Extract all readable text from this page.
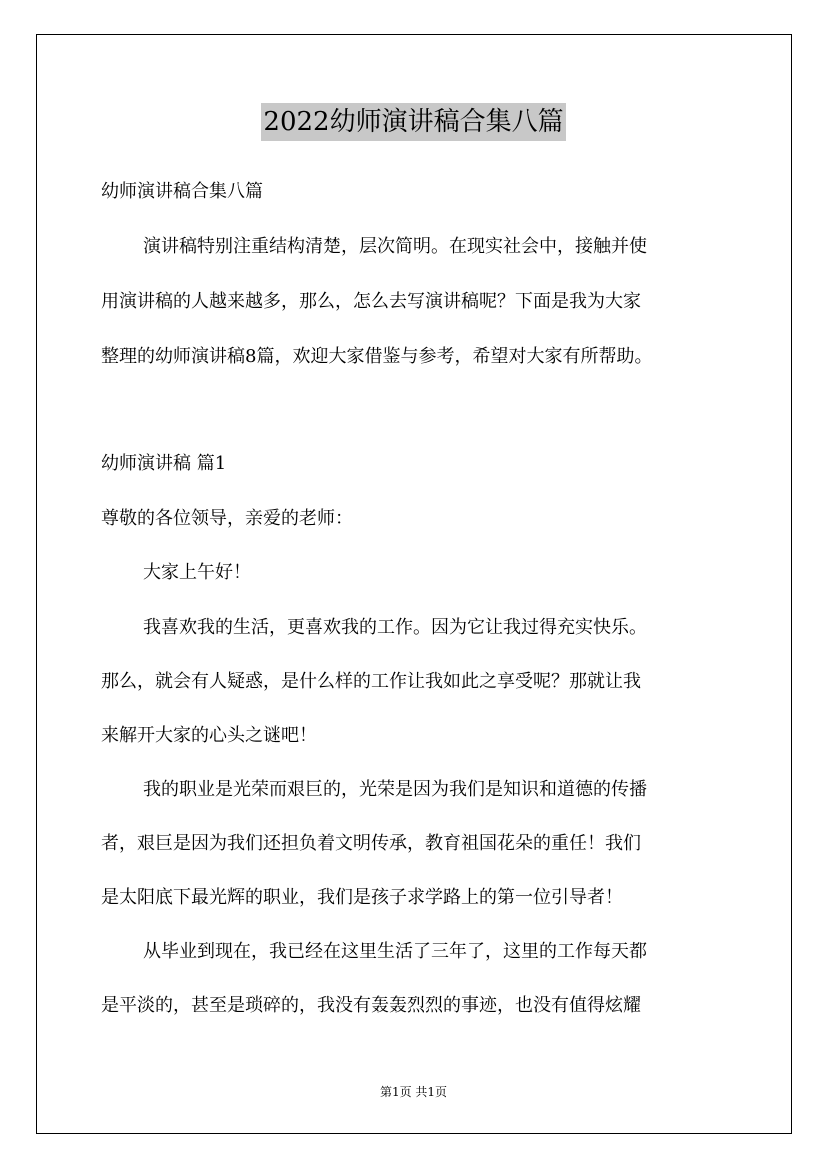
2022幼师演讲稿合集八篇
幼师演讲稿合集八篇
演讲稿特别注重结构清楚，层次简明。在现实社会中，接触并使
用演讲稿的人越来越多，那么，怎么去写演讲稿呢？下面是我为大家
整理的幼师演讲稿8篇，欢迎大家借鉴与参考，希望对大家有所帮助。
幼师演讲稿 篇1
尊敬的各位领导，亲爱的老师：
大家上午好！
我喜欢我的生活，更喜欢我的工作。因为它让我过得充实快乐。
那么，就会有人疑惑，是什么样的工作让我如此之享受呢？那就让我
来解开大家的心头之谜吧！
我的职业是光荣而艰巨的，光荣是因为我们是知识和道德的传播
者，艰巨是因为我们还担负着文明传承，教育祖国花朵的重任！我们
是太阳底下最光辉的职业，我们是孩子求学路上的第一位引导者！
从毕业到现在，我已经在这里生活了三年了，这里的工作每天都
是平淡的，甚至是琐碎的，我没有轰轰烈烈的事迹，也没有值得炫耀
第1页 共1页
